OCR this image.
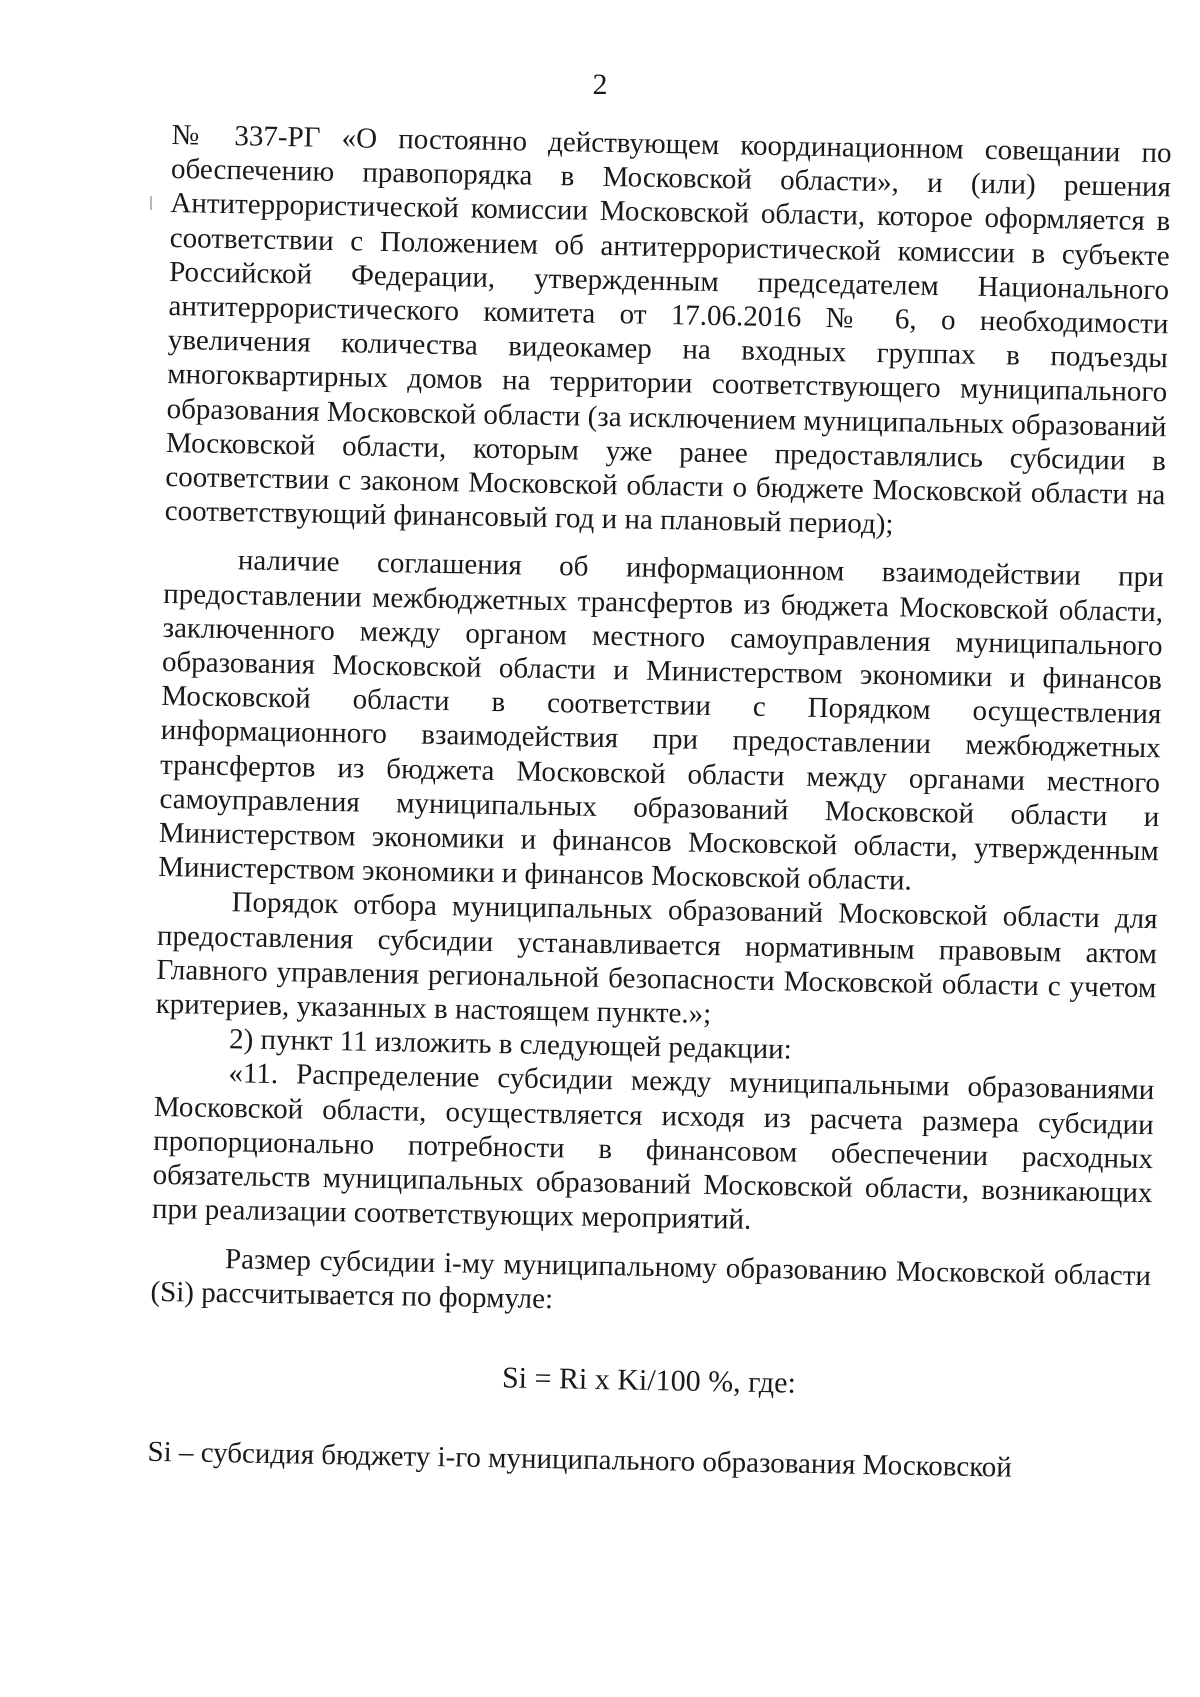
2

№ 337-РГ «О постоянно действующем координационном совещании по обеспечению правопорядка в Московской области», и (или) решения Антитеррористической комиссии Московской области, которое оформляется в соответствии с Положением об антитеррористической комиссии в субъекте Российской Федерации, утвержденным председателем Национального антитеррористического комитета от 17.06.2016 № 6, о необходимости увеличения количества видеокамер на входных группах в подъезды многоквартирных домов на территории соответствующего муниципального образования Московской области (за исключением муниципальных образований Московской области, которым уже ранее предоставлялись субсидии в соответствии с законом Московской области о бюджете Московской области на соответствующий финансовый год и на плановый период);

наличие соглашения об информационном взаимодействии при предоставлении межбюджетных трансфертов из бюджета Московской области, заключенного между органом местного самоуправления муниципального образования Московской области и Министерством экономики и финансов Московской области в соответствии с Порядком осуществления информационного взаимодействия при предоставлении межбюджетных трансфертов из бюджета Московской области между органами местного самоуправления муниципальных образований Московской области и Министерством экономики и финансов Московской области, утвержденным Министерством экономики и финансов Московской области.

Порядок отбора муниципальных образований Московской области для предоставления субсидии устанавливается нормативным правовым актом Главного управления региональной безопасности Московской области с учетом критериев, указанных в настоящем пункте.»;

2) пункт 11 изложить в следующей редакции:

«11. Распределение субсидии между муниципальными образованиями Московской области, осуществляется исходя из расчета размера субсидии пропорционально потребности в финансовом обеспечении расходных обязательств муниципальных образований Московской области, возникающих при реализации соответствующих мероприятий.

Размер субсидии i-му муниципальному образованию Московской области (Si) рассчитывается по формуле:

Si = Ri x Ki/100 %, где:

Si – субсидия бюджету i-го муниципального образования Московской
